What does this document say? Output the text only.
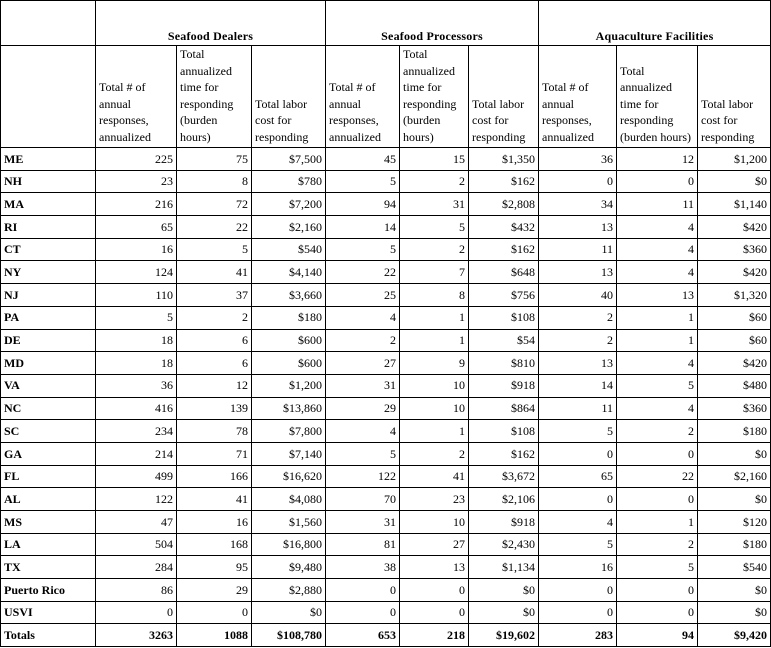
	Seafood Dealers			Seafood Processors			Aquaculture Facilities		
	Total # of annual responses, annualized	Total annualized time for responding (burden hours)	Total labor cost for responding	Total # of annual responses, annualized	Total annualized time for responding (burden hours)	Total labor cost for responding	Total # of annual responses, annualized	Total annualized time for responding (burden hours)	Total labor cost for responding
ME	225	75	$7,500	45	15	$1,350	36	12	$1,200
NH	23	8	$780	5	2	$162	0	0	$0
MA	216	72	$7,200	94	31	$2,808	34	11	$1,140
RI	65	22	$2,160	14	5	$432	13	4	$420
CT	16	5	$540	5	2	$162	11	4	$360
NY	124	41	$4,140	22	7	$648	13	4	$420
NJ	110	37	$3,660	25	8	$756	40	13	$1,320
PA	5	2	$180	4	1	$108	2	1	$60
DE	18	6	$600	2	1	$54	2	1	$60
MD	18	6	$600	27	9	$810	13	4	$420
VA	36	12	$1,200	31	10	$918	14	5	$480
NC	416	139	$13,860	29	10	$864	11	4	$360
SC	234	78	$7,800	4	1	$108	5	2	$180
GA	214	71	$7,140	5	2	$162	0	0	$0
FL	499	166	$16,620	122	41	$3,672	65	22	$2,160
AL	122	41	$4,080	70	23	$2,106	0	0	$0
MS	47	16	$1,560	31	10	$918	4	1	$120
LA	504	168	$16,800	81	27	$2,430	5	2	$180
TX	284	95	$9,480	38	13	$1,134	16	5	$540
Puerto Rico	86	29	$2,880	0	0	$0	0	0	$0
USVI	0	0	$0	0	0	$0	0	0	$0
Totals	3263	1088	$108,780	653	218	$19,602	283	94	$9,420
